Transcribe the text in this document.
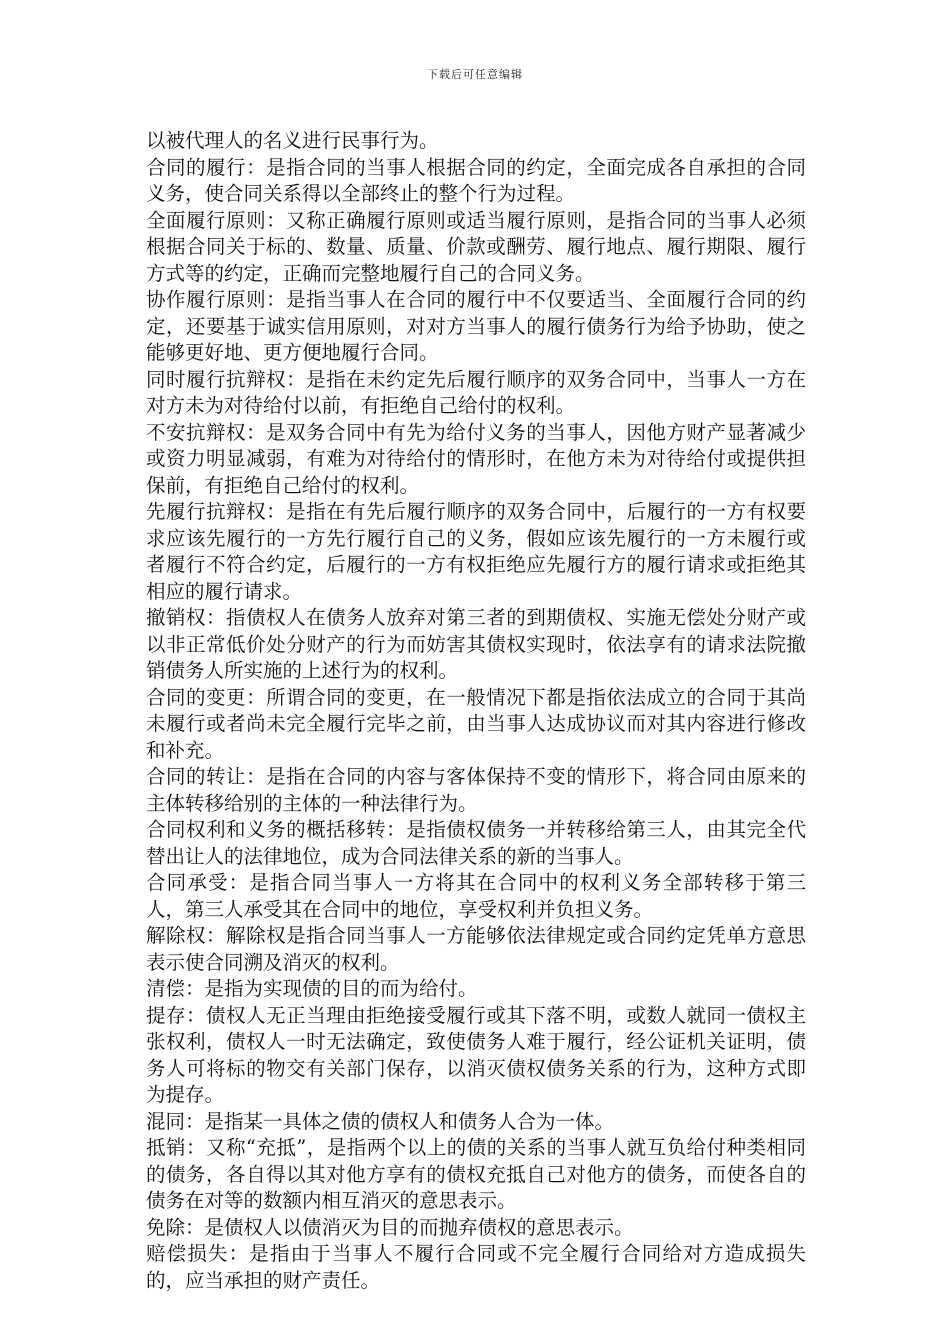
下载后可任意编辑

以被代理人的名义进行民事行为。

合同的履行：是指合同的当事人根据合同的约定，全面完成各自承担的合同义务，使合同关系得以全部终止的整个行为过程。

全面履行原则：又称正确履行原则或适当履行原则，是指合同的当事人必须根据合同关于标的、数量、质量、价款或酬劳、履行地点、履行期限、履行方式等的约定，正确而完整地履行自己的合同义务。

协作履行原则：是指当事人在合同的履行中不仅要适当、全面履行合同的约定，还要基于诚实信用原则，对对方当事人的履行债务行为给予协助，使之能够更好地、更方便地履行合同。

同时履行抗辩权：是指在未约定先后履行顺序的双务合同中，当事人一方在对方未为对待给付以前，有拒绝自己给付的权利。

不安抗辩权：是双务合同中有先为给付义务的当事人，因他方财产显著减少或资力明显减弱，有难为对待给付的情形时，在他方未为对待给付或提供担保前，有拒绝自己给付的权利。

先履行抗辩权：是指在有先后履行顺序的双务合同中，后履行的一方有权要求应该先履行的一方先行履行自己的义务，假如应该先履行的一方未履行或者履行不符合约定，后履行的一方有权拒绝应先履行方的履行请求或拒绝其相应的履行请求。

撤销权：指债权人在债务人放弃对第三者的到期债权、实施无偿处分财产或以非正常低价处分财产的行为而妨害其债权实现时，依法享有的请求法院撤销债务人所实施的上述行为的权利。

合同的变更：所谓合同的变更，在一般情况下都是指依法成立的合同于其尚未履行或者尚未完全履行完毕之前，由当事人达成协议而对其内容进行修改和补充。

合同的转让：是指在合同的内容与客体保持不变的情形下，将合同由原来的主体转移给别的主体的一种法律行为。

合同权利和义务的概括移转：是指债权债务一并转移给第三人，由其完全代替出让人的法律地位，成为合同法律关系的新的当事人。

合同承受：是指合同当事人一方将其在合同中的权利义务全部转移于第三人，第三人承受其在合同中的地位，享受权利并负担义务。

解除权：解除权是指合同当事人一方能够依法律规定或合同约定凭单方意思表示使合同溯及消灭的权利。

清偿：是指为实现债的目的而为给付。

提存：债权人无正当理由拒绝接受履行或其下落不明，或数人就同一债权主张权利，债权人一时无法确定，致使债务人难于履行，经公证机关证明，债务人可将标的物交有关部门保存，以消灭债权债务关系的行为，这种方式即为提存。

混同：是指某一具体之债的债权人和债务人合为一体。

抵销：又称“充抵”，是指两个以上的债的关系的当事人就互负给付种类相同的债务，各自得以其对他方享有的债权充抵自己对他方的债务，而使各自的债务在对等的数额内相互消灭的意思表示。

免除：是债权人以债消灭为目的而抛弃债权的意思表示。

赔偿损失：是指由于当事人不履行合同或不完全履行合同给对方造成损失的，应当承担的财产责任。
